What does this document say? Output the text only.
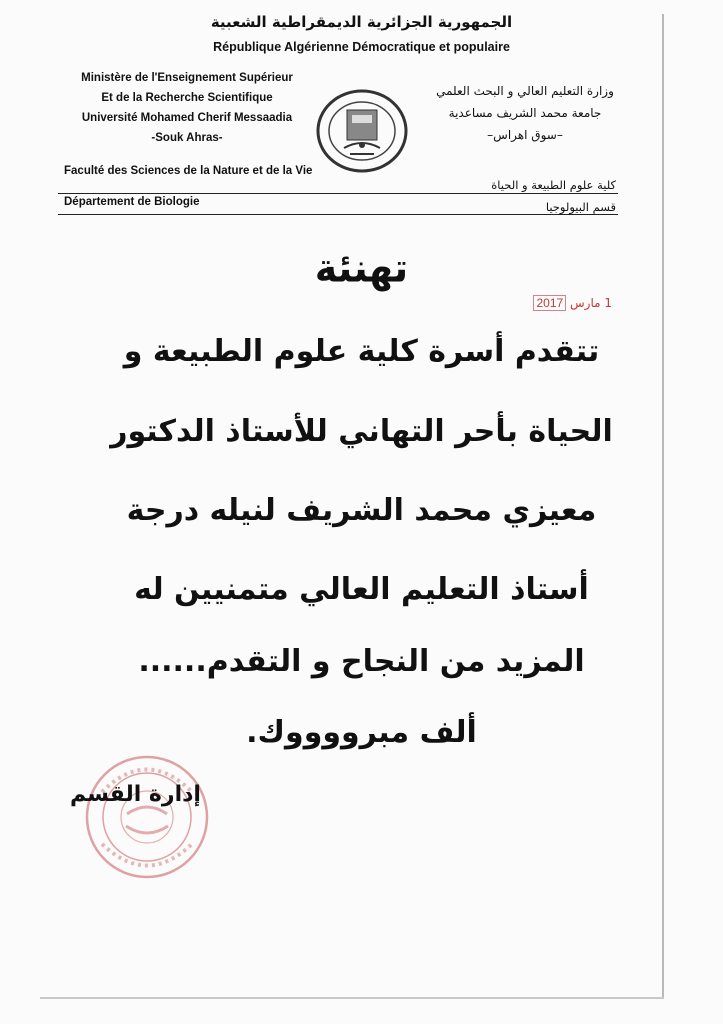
الجمهورية الجزائرية الديمقراطية الشعبية
République Algérienne Démocratique et populaire
Ministère de l'Enseignement Supérieur
Et de la Recherche Scientifique
Université Mohamed Cherif Messaadia
-Souk Ahras-
وزارة التعليم العالي و البحث العلمي
جامعة محمد الشريف مساعدية
–سوق اهراس–
Faculté des Sciences de la Nature et de la Vie
كلية علوم الطبيعة و الحياة
Département de Biologie	قسم البيولوجيا
تهنئة
1 مارس 2017
تتقدم أسرة كلية علوم الطبيعة و
الحياة بأحر التهاني للأستاذ الدكتور
معيزي محمد الشريف لنيله درجة
أستاذ التعليم العالي متمنيين له
المزيد من النجاح و التقدم......
ألف مبرووووك.
إدارة القسم
